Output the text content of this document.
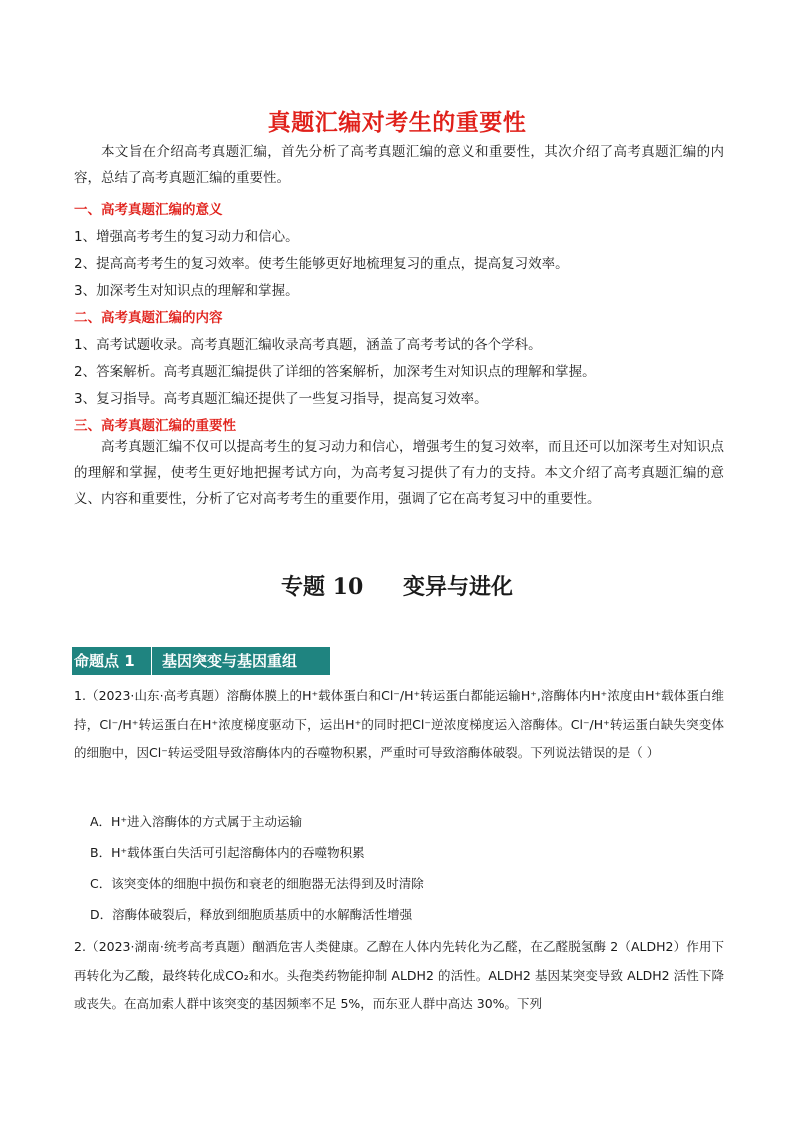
真题汇编对考生的重要性
本文旨在介绍高考真题汇编，首先分析了高考真题汇编的意义和重要性，其次介绍了高考真题汇编的内容，总结了高考真题汇编的重要性。
一、高考真题汇编的意义
1、增强高考考生的复习动力和信心。
2、提高高考考生的复习效率。使考生能够更好地梳理复习的重点，提高复习效率。
3、加深考生对知识点的理解和掌握。
二、高考真题汇编的内容
1、高考试题收录。高考真题汇编收录高考真题，涵盖了高考考试的各个学科。
2、答案解析。高考真题汇编提供了详细的答案解析，加深考生对知识点的理解和掌握。
3、复习指导。高考真题汇编还提供了一些复习指导，提高复习效率。
三、高考真题汇编的重要性
高考真题汇编不仅可以提高考生的复习动力和信心，增强考生的复习效率，而且还可以加深考生对知识点的理解和掌握，使考生更好地把握考试方向，为高考复习提供了有力的支持。本文介绍了高考真题汇编的意义、内容和重要性，分析了它对高考考生的重要作用，强调了它在高考复习中的重要性。
专题 10 变异与进化
命题点 1	基因突变与基因重组
1.（2023·山东·高考真题）溶酶体膜上的H⁺载体蛋白和Cl⁻/H⁺转运蛋白都能运输H⁺,溶酶体内H⁺浓度由H⁺载体蛋白维持，Cl⁻/H⁺转运蛋白在H⁺浓度梯度驱动下，运出H⁺的同时把Cl⁻逆浓度梯度运入溶酶体。Cl⁻/H⁺转运蛋白缺失突变体的细胞中，因Cl⁻转运受阻导致溶酶体内的吞噬物积累，严重时可导致溶酶体破裂。下列说法错误的是（ ）
A．H⁺进入溶酶体的方式属于主动运输
B．H⁺载体蛋白失活可引起溶酶体内的吞噬物积累
C．该突变体的细胞中损伤和衰老的细胞器无法得到及时清除
D．溶酶体破裂后，释放到细胞质基质中的水解酶活性增强
2.（2023·湖南·统考高考真题）酗酒危害人类健康。乙醇在人体内先转化为乙醛，在乙醛脱氢酶 2（ALDH2）作用下再转化为乙酸，最终转化成CO₂和水。头孢类药物能抑制 ALDH2 的活性。ALDH2 基因某突变导致 ALDH2 活性下降或丧失。在高加索人群中该突变的基因频率不足 5%，而东亚人群中高达 30%。下列
